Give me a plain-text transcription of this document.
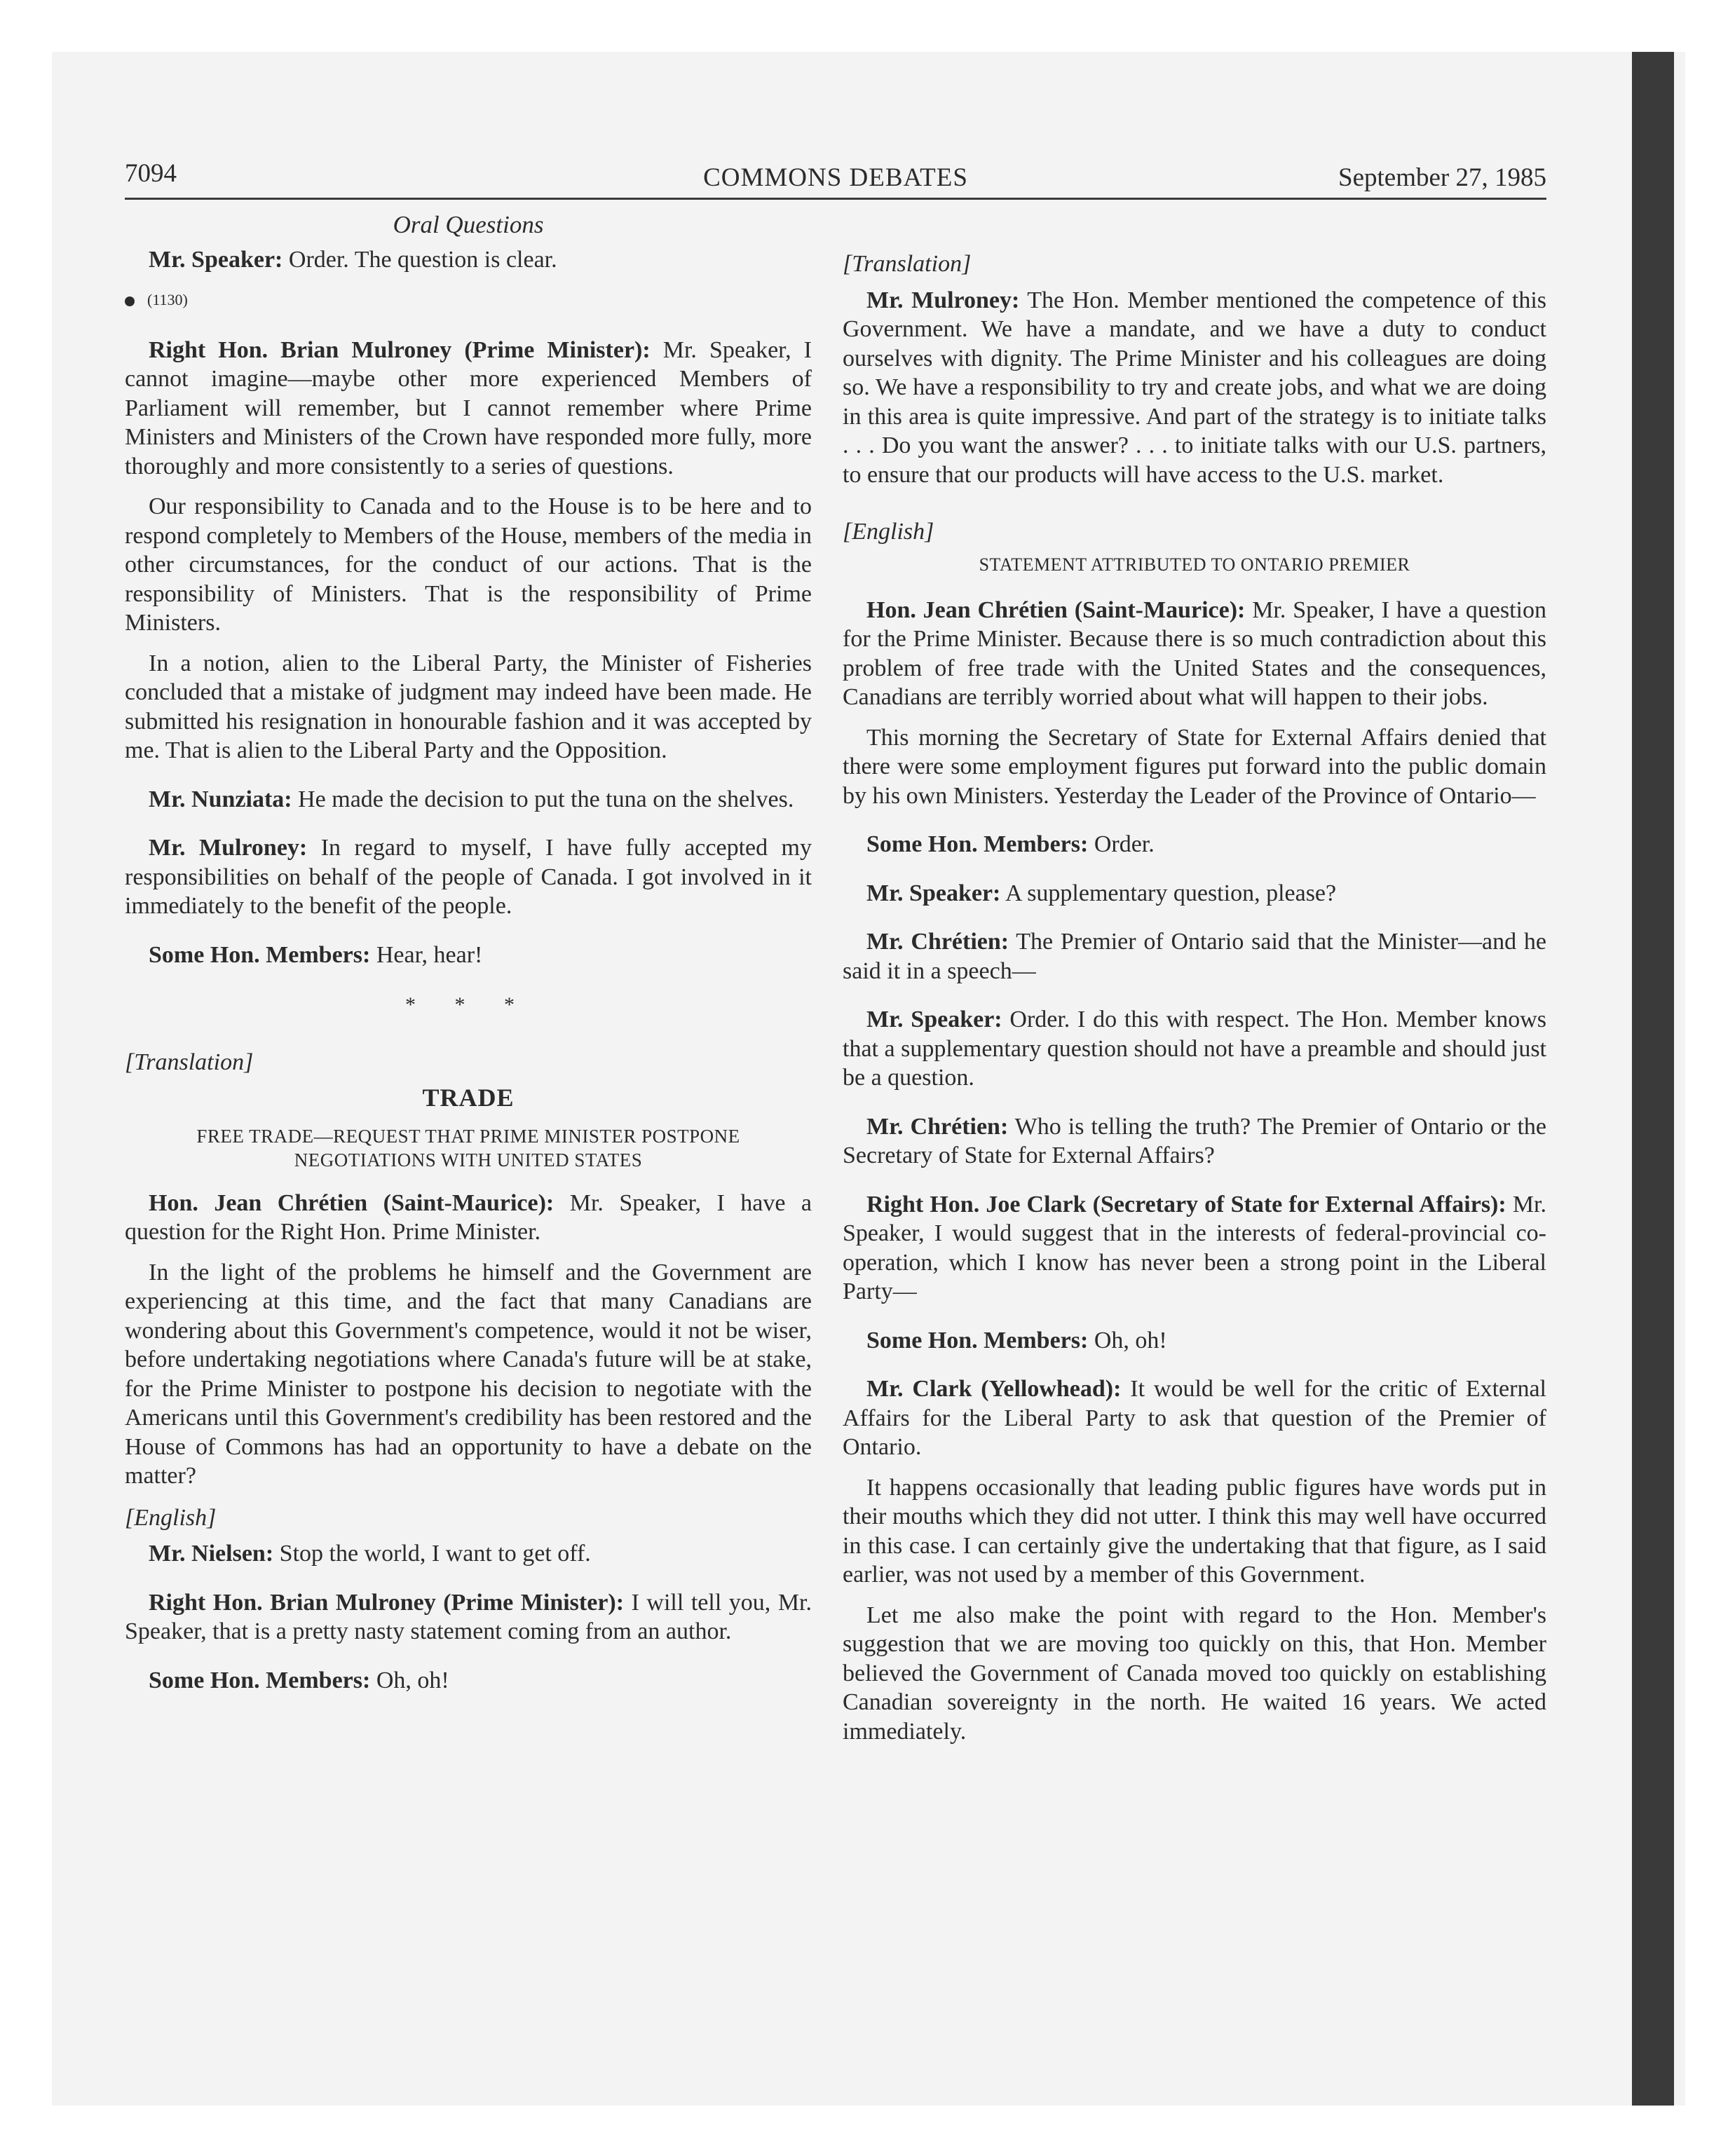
7094	COMMONS DEBATES	September 27, 1985
Oral Questions

Mr. Speaker: Order. The question is clear.

(1130)

Right Hon. Brian Mulroney (Prime Minister): Mr. Speaker, I cannot imagine—maybe other more experienced Members of Parliament will remember, but I cannot remember where Prime Ministers and Ministers of the Crown have responded more fully, more thoroughly and more consistently to a series of questions.

Our responsibility to Canada and to the House is to be here and to respond completely to Members of the House, members of the media in other circumstances, for the conduct of our actions. That is the responsibility of Ministers. That is the responsibility of Prime Ministers.

In a notion, alien to the Liberal Party, the Minister of Fisheries concluded that a mistake of judgment may indeed have been made. He submitted his resignation in honourable fashion and it was accepted by me. That is alien to the Liberal Party and the Opposition.

Mr. Nunziata: He made the decision to put the tuna on the shelves.

Mr. Mulroney: In regard to myself, I have fully accepted my responsibilities on behalf of the people of Canada. I got involved in it immediately to the benefit of the people.

Some Hon. Members: Hear, hear!

* * *
[Translation]
TRADE
FREE TRADE—REQUEST THAT PRIME MINISTER POSTPONE NEGOTIATIONS WITH UNITED STATES

Hon. Jean Chrétien (Saint-Maurice): Mr. Speaker, I have a question for the Right Hon. Prime Minister.

In the light of the problems he himself and the Government are experiencing at this time, and the fact that many Canadians are wondering about this Government's competence, would it not be wiser, before undertaking negotiations where Canada's future will be at stake, for the Prime Minister to postpone his decision to negotiate with the Americans until this Government's credibility has been restored and the House of Commons has had an opportunity to have a debate on the matter?

[English]

Mr. Nielsen: Stop the world, I want to get off.

Right Hon. Brian Mulroney (Prime Minister): I will tell you, Mr. Speaker, that is a pretty nasty statement coming from an author.

Some Hon. Members: Oh, oh!

[Translation]

Mr. Mulroney: The Hon. Member mentioned the competence of this Government. We have a mandate, and we have a duty to conduct ourselves with dignity. The Prime Minister and his colleagues are doing so. We have a responsibility to try and create jobs, and what we are doing in this area is quite impressive. And part of the strategy is to initiate talks . . . Do you want the answer? . . . to initiate talks with our U.S. partners, to ensure that our products will have access to the U.S. market.

[English]
STATEMENT ATTRIBUTED TO ONTARIO PREMIER

Hon. Jean Chrétien (Saint-Maurice): Mr. Speaker, I have a question for the Prime Minister. Because there is so much contradiction about this problem of free trade with the United States and the consequences, Canadians are terribly worried about what will happen to their jobs.

This morning the Secretary of State for External Affairs denied that there were some employment figures put forward into the public domain by his own Ministers. Yesterday the Leader of the Province of Ontario—

Some Hon. Members: Order.

Mr. Speaker: A supplementary question, please?

Mr. Chrétien: The Premier of Ontario said that the Minister—and he said it in a speech—

Mr. Speaker: Order. I do this with respect. The Hon. Member knows that a supplementary question should not have a preamble and should just be a question.

Mr. Chrétien: Who is telling the truth? The Premier of Ontario or the Secretary of State for External Affairs?

Right Hon. Joe Clark (Secretary of State for External Affairs): Mr. Speaker, I would suggest that in the interests of federal-provincial co-operation, which I know has never been a strong point in the Liberal Party—

Some Hon. Members: Oh, oh!

Mr. Clark (Yellowhead): It would be well for the critic of External Affairs for the Liberal Party to ask that question of the Premier of Ontario.

It happens occasionally that leading public figures have words put in their mouths which they did not utter. I think this may well have occurred in this case. I can certainly give the undertaking that that figure, as I said earlier, was not used by a member of this Government.

Let me also make the point with regard to the Hon. Member's suggestion that we are moving too quickly on this, that Hon. Member believed the Government of Canada moved too quickly on establishing Canadian sovereignty in the north. He waited 16 years. We acted immediately.
